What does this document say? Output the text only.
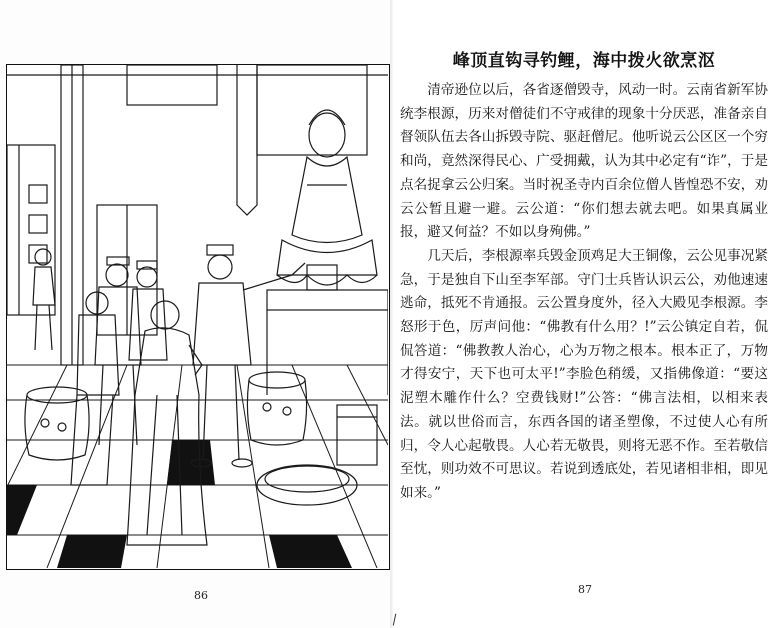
86
峰顶直钩寻钓鲤，海中拨火欲烹沤

清帝逊位以后，各省逐僧毁寺，风动一时。云南省新军协统李根源，历来对僧徒们不守戒律的现象十分厌恶，准备亲自督领队伍去各山拆毁寺院、驱赶僧尼。他听说云公区区一个穷和尚，竟然深得民心、广受拥戴，认为其中必定有“诈”，于是点名捉拿云公归案。当时祝圣寺内百余位僧人皆惶恐不安，劝云公暂且避一避。云公道：“你们想去就去吧。如果真属业报，避又何益？不如以身殉佛。”

几天后，李根源率兵毁金顶鸡足大王铜像，云公见事况紧急，于是独自下山至李军部。守门士兵皆认识云公，劝他速速逃命，抵死不肯通报。云公置身度外，径入大殿见李根源。李怒形于色，厉声问他：“佛教有什么用？!”云公镇定自若，侃侃答道：“佛教教人治心，心为万物之根本。根本正了，万物才得安宁，天下也可太平!”李脸色稍缓，又指佛像道：“要这泥塑木雕作什么？空费钱财!”公答：“佛言法相，以相来表法。就以世俗而言，东西各国的诸圣塑像，不过使人心有所归，令人心起敬畏。人心若无敬畏，则将无恶不作。至若敬信至忱，则功效不可思议。若说到透底处，若见诸相非相，即见如来。”

87
